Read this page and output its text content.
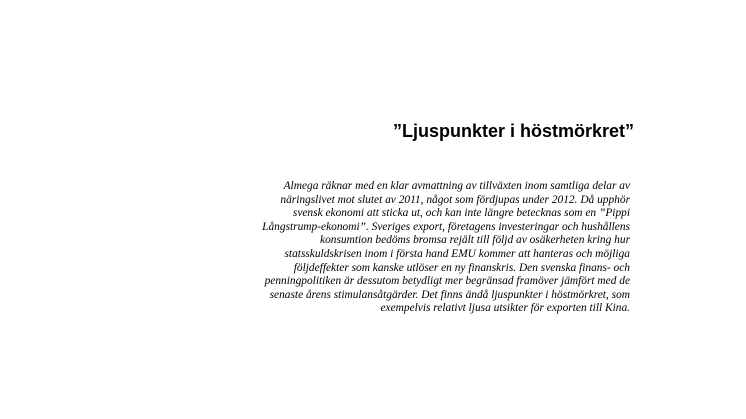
”Ljuspunkter i höstmörkret”

Almega räknar med en klar avmattning av tillväxten inom samtliga delar av
näringslivet mot slutet av 2011, något som fördjupas under 2012. Då upphör
svensk ekonomi att sticka ut, och kan inte längre betecknas som en ”Pippi
Långstrump-ekonomi”. Sveriges export, företagens investeringar och hushållens
konsumtion bedöms bromsa rejält till följd av osäkerheten kring hur
statsskuldskrisen inom i första hand EMU kommer att hanteras och möjliga
följdeffekter som kanske utlöser en ny finanskris. Den svenska finans- och
penningpolitiken är dessutom betydligt mer begränsad framöver jämfört med de
senaste årens stimulansåtgärder. Det finns ändå ljuspunkter i höstmörkret, som
exempelvis relativt ljusa utsikter för exporten till Kina.
